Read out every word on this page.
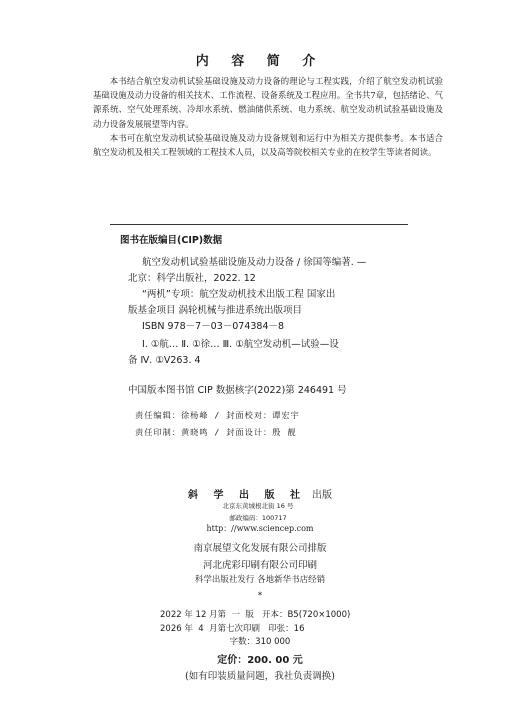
内 容 简 介

本书结合航空发动机试验基础设施及动力设备的理论与工程实践，介绍了航空发动机试验基础设施及动力设备的相关技术、工作流程、设备系统及工程应用。全书共7章，包括绪论、气源系统、空气处理系统、冷却水系统、燃油储供系统、电力系统、航空发动机试验基础设施及动力设备发展展望等内容。

本书可在航空发动机试验基础设施及动力设备规划和运行中为相关方提供参考。本书适合航空发动机及相关工程领域的工程技术人员，以及高等院校相关专业的在校学生等读者阅读。

图书在版编目(CIP)数据

航空发动机试验基础设施及动力设备 / 徐国等编著. —

北京：科学出版社，2022. 12

“两机”专项：航空发动机技术出版工程 国家出

版基金项目 涡轮机械与推进系统出版项目

ISBN 978－7－03－074384－8

Ⅰ. ①航… Ⅱ. ①徐… Ⅲ. ①航空发动机—试验—设

备 Ⅳ. ①V263. 4

中国版本图书馆 CIP 数据核字(2022)第 246491 号
责任编辑：徐杨峰 / 封面校对：谭宏宇
责任印制：黄晓鸣 / 封面设计：殷 靓
斜 学 出 版 社 出版
北京东黄城根北街 16 号
邮政编码：100717
http：//www.sciencep.com
南京展望文化发展有限公司排版
河北虎彩印刷有限公司印刷
科学出版社发行 各地新华书店经销
*
2022 年 12 月第  一  版   开本：B5(720×1000)
2026 年  4  月第七次印刷   印张：16
字数：310 000
定价：200. 00 元
(如有印装质量问题，我社负责调换)
